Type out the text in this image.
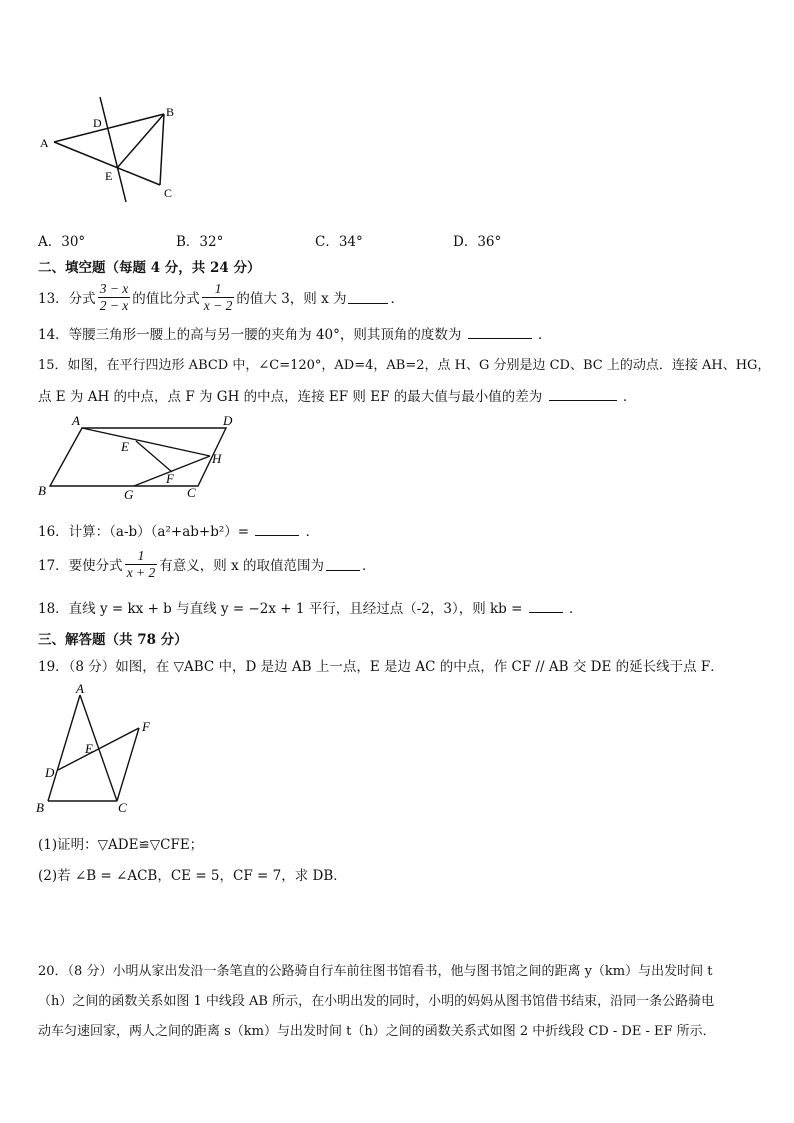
A
B
C
D
E
A．30°	B．32°	C．34°	D．36°
二、填空题（每题 4 分，共 24 分）
13．分式 $\frac{3 - x}{2 - x}$ 的值比分式 $\frac{1}{x - 2}$ 的值大 3，则 x 为	．
14．等腰三角形一腰上的高与另一腰的夹角为 40°，则其顶角的度数为	．
15．如图，在平行四边形 ABCD 中，∠C=120°，AD=4，AB=2，点 H、G 分别是边 CD、BC 上的动点．连接 AH、HG，
点 E 为 AH 的中点，点 F 为 GH 的中点，连接 EF 则 EF 的最大值与最小值的差为	．
A	D
B	C
E
F
G
H
16．计算：（a-b）（a²+ab+b²）=	．
17．要使分式 $\frac{1}{x + 2}$ 有意义，则 x 的取值范围为	．
18．直线 y = kx + b 与直线 y = −2x + 1 平行，且经过点（-2，3），则 kb =	．
三、解答题（共 78 分）
19．（8 分）如图，在 ▽ABC 中，D 是边 AB 上一点，E 是边 AC 的中点，作 CF // AB 交 DE 的延长线于点 F．
A
B	C
D
E
F
(1)证明：▽ADE≌▽CFE；
(2)若 ∠B = ∠ACB，CE = 5，CF = 7，求 DB．
20．（8 分）小明从家出发沿一条笔直的公路骑自行车前往图书馆看书，他与图书馆之间的距离 y（km）与出发时间 t
（h）之间的函数关系如图 1 中线段 AB 所示，在小明出发的同时，小明的妈妈从图书馆借书结束，沿同一条公路骑电
动车匀速回家，两人之间的距离 s（km）与出发时间 t（h）之间的函数关系式如图 2 中折线段 CD - DE - EF 所示．
